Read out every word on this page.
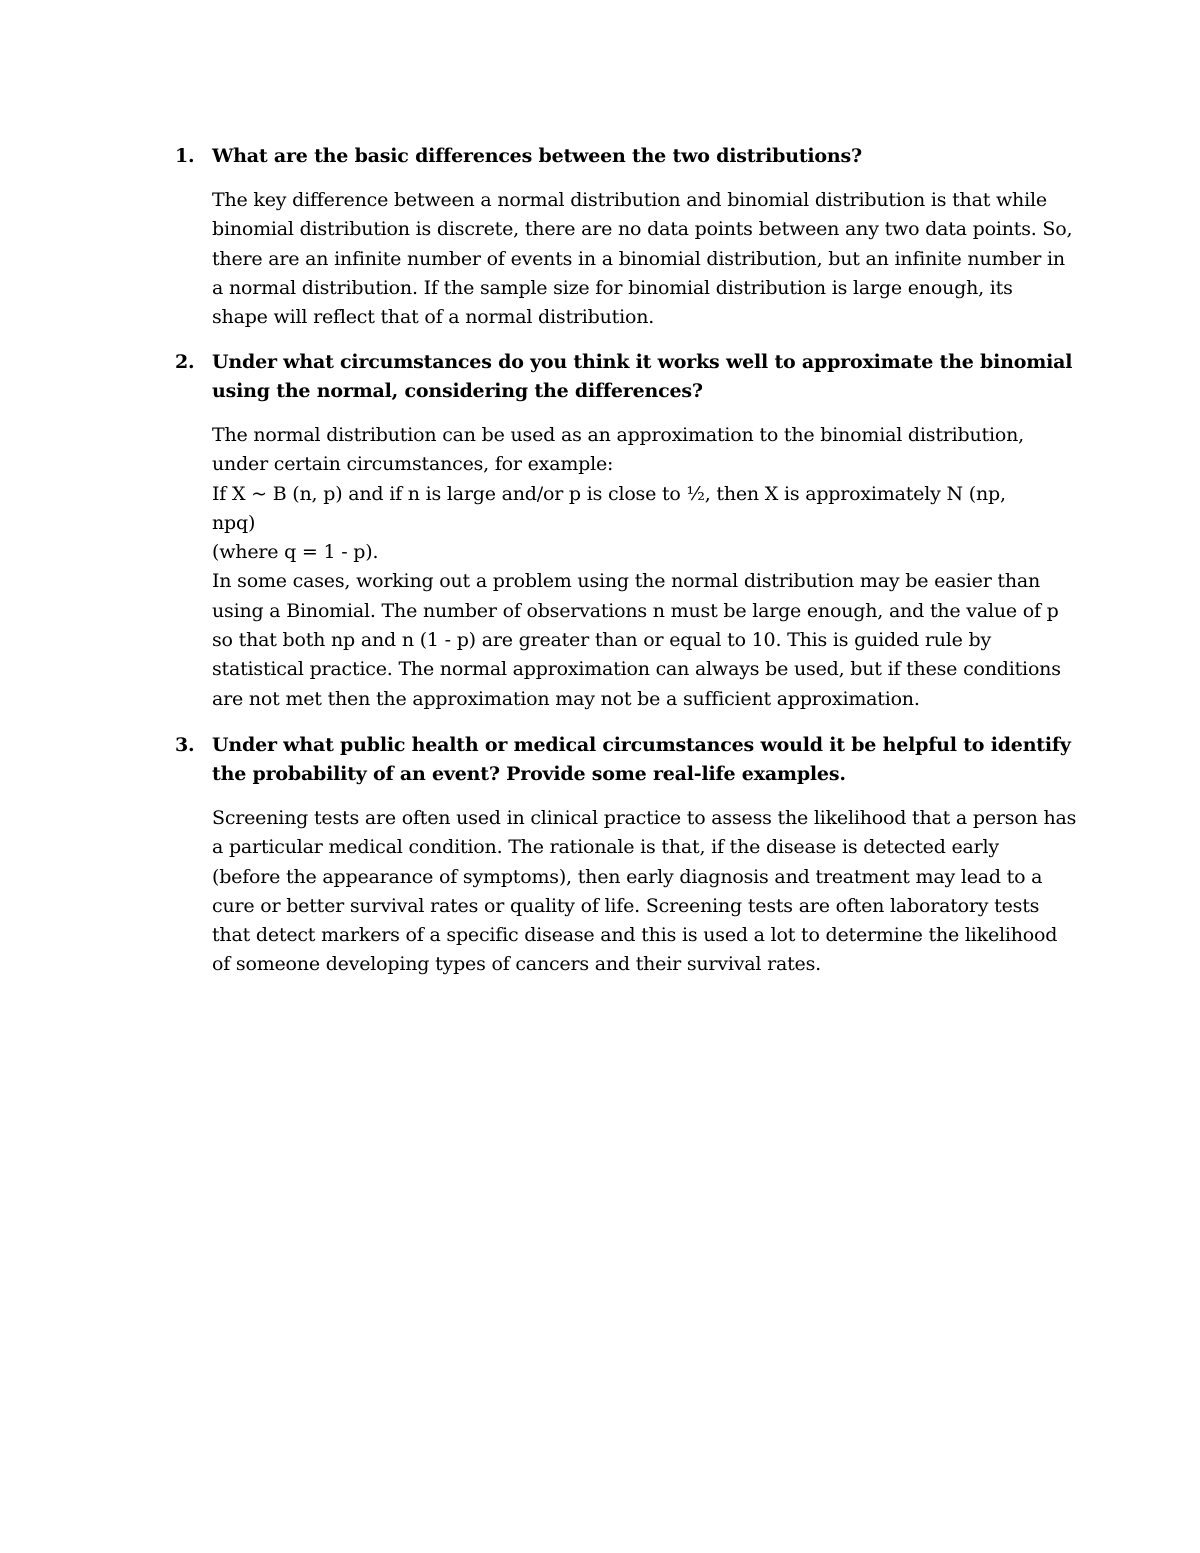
1. What are the basic differences between the two distributions?
The key difference between a normal distribution and binomial distribution is that while
binomial distribution is discrete, there are no data points between any two data points. So,
there are an infinite number of events in a binomial distribution, but an infinite number in
a normal distribution. If the sample size for binomial distribution is large enough, its
shape will reflect that of a normal distribution.
2. Under what circumstances do you think it works well to approximate the binomial
using the normal, considering the differences?
The normal distribution can be used as an approximation to the binomial distribution,
under certain circumstances, for example:
If X ~ B (n, p) and if n is large and/or p is close to ½, then X is approximately N (np,
npq)
(where q = 1 - p).
In some cases, working out a problem using the normal distribution may be easier than
using a Binomial. The number of observations n must be large enough, and the value of p
so that both np and n (1 - p) are greater than or equal to 10. This is guided rule by
statistical practice. The normal approximation can always be used, but if these conditions
are not met then the approximation may not be a sufficient approximation.
3. Under what public health or medical circumstances would it be helpful to identify
the probability of an event? Provide some real-life examples.
Screening tests are often used in clinical practice to assess the likelihood that a person has
a particular medical condition. The rationale is that, if the disease is detected early
(before the appearance of symptoms), then early diagnosis and treatment may lead to a
cure or better survival rates or quality of life. Screening tests are often laboratory tests
that detect markers of a specific disease and this is used a lot to determine the likelihood
of someone developing types of cancers and their survival rates.
